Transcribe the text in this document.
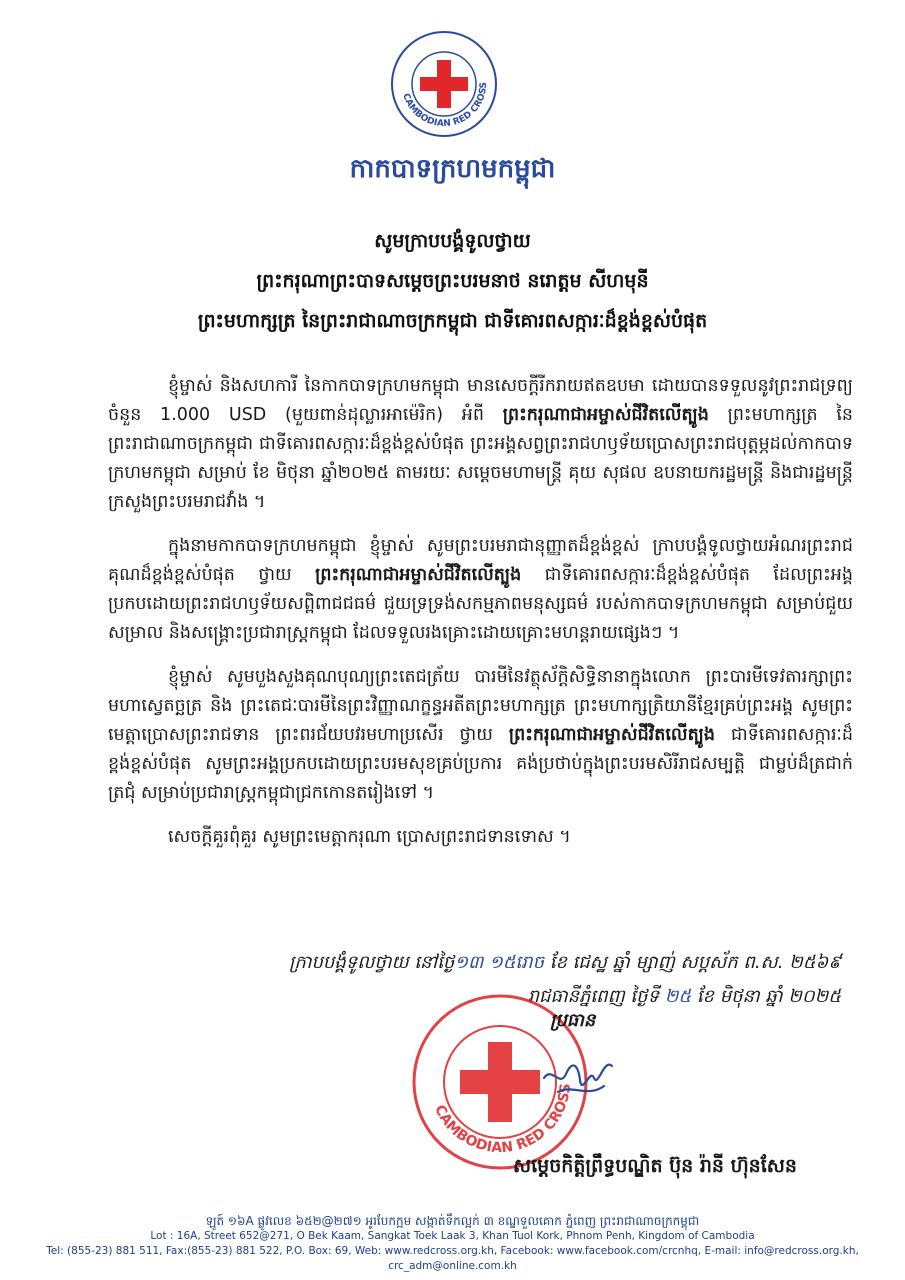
CAMBODIAN RED CROSS
កាកបាទក្រហមកម្ពុជា
សូមក្រាបបង្គំទូលថ្វាយ
ព្រះករុណាព្រះបាទសម្ដេចព្រះបរមនាថ នរោត្តម សីហមុនី
ព្រះមហាក្សត្រ នៃព្រះរាជាណាចក្រកម្ពុជា ជាទីគោរពសក្ការៈដ៏ខ្ពង់ខ្ពស់បំផុត

ខ្ញុំម្ចាស់ និងសហការី នៃកាកបាទក្រហមកម្ពុជា មានសេចក្ដីរីករាយឥតឧបមា ដោយបានទទួលនូវព្រះរាជទ្រព្យ ចំនួន 1.000 USD (មួយពាន់ដុល្លារអាម៉េរិក) អំពី ព្រះករុណាជាអម្ចាស់ជីវិតលើត្បូង ព្រះមហាក្សត្រ នៃព្រះរាជាណាចក្រកម្ពុជា ជាទីគោរពសក្ការៈដ៏ខ្ពង់ខ្ពស់បំផុត ព្រះអង្គសព្វព្រះរាជហឫទ័យប្រោសព្រះរាជបុត្តម្ភដល់កាកបាទក្រហមកម្ពុជា សម្រាប់ ខែ មិថុនា ឆ្នាំ២០២៥ តាមរយៈ សម្ដេចមហាមន្ត្រី គុយ សុផល ឧបនាយករដ្ឋមន្ត្រី និងជារដ្ឋមន្ត្រីក្រសួងព្រះបរមរាជវាំង ។

ក្នុងនាមកាកបាទក្រហមកម្ពុជា ខ្ញុំម្ចាស់ សូមព្រះបរមរាជានុញ្ញាតដ៏ខ្ពង់ខ្ពស់ ក្រាបបង្គំទូលថ្វាយអំណរព្រះរាជគុណដ៏ខ្ពង់ខ្ពស់បំផុត ថ្វាយ ព្រះករុណាជាអម្ចាស់ជីវិតលើត្បូង ជាទីគោរពសក្ការៈដ៏ខ្ពង់ខ្ពស់បំផុត ដែលព្រះអង្គប្រកបដោយព្រះរាជហឫទ័យសព្ពិពាជជធម៌ ជួយទ្រទ្រង់សកម្មភាពមនុស្សធម៌ របស់កាកបាទក្រហមកម្ពុជា សម្រាប់ជួយសម្រាល និងសង្គ្រោះប្រជារាស្ត្រកម្ពុជា ដែលទទួលរងគ្រោះដោយគ្រោះមហន្តរាយផ្សេងៗ ។

ខ្ញុំម្ចាស់ សូមបួងសួងគុណបុណ្យព្រះតេជត្រ័យ បារមីនៃវត្ថុស័ក្ដិសិទ្ធិនានាក្នុងលោក ព្រះបារមីទេវតារក្សាព្រះមហាស្វេតច្ឆត្រ និង ព្រះតេជៈបារមីនៃព្រះវិញ្ញាណក្ខន្ធអតីតព្រះមហាក្សត្រ ព្រះមហាក្សត្រិយានីខ្មែរគ្រប់ព្រះអង្គ សូមព្រះមេត្តាប្រោសព្រះរាជទាន ព្រះពរជ័យបវរមហាប្រសើរ ថ្វាយ ព្រះករុណាជាអម្ចាស់ជីវិតលើត្បូង ជាទីគោរពសក្ការៈដ៏ខ្ពង់ខ្ពស់បំផុត សូមព្រះអង្គប្រកបដោយព្រះបរមសុខគ្រប់ប្រការ គង់ប្រថាប់ក្នុងព្រះបរមសិរីរាជសម្បត្តិ ជាម្លប់ដ៏ត្រជាក់ត្រជុំ សម្រាប់ប្រជារាស្ត្រកម្ពុជាជ្រកកោនតរៀងទៅ ។

សេចក្ដីគួរពុំគួរ សូមព្រះមេត្តាករុណា ប្រោសព្រះរាជទានទោស ។

ក្រាបបង្គំទូលថ្វាយ នៅថ្ងៃ១៣ ១៥រោច ខែ ជេស្ឋ ឆ្នាំ ម្សាញ់ សប្តស័ក ព.ស. ២៥៦៩
រាជធានីភ្នំពេញ ថ្ងៃទី ២៥ ខែ មិថុនា ឆ្នាំ ២០២៥
CAMBODIAN RED CROSS
ប្រធាន
សម្ដេចកិត្តិព្រឹទ្ធបណ្ឌិត ប៊ុន រ៉ានី ហ៊ុនសែន
ឡូត៍ ១៦A ផ្លូវលេខ ៦៥២@២៧១ អូរបែកក្អម សង្កាត់ទឹកល្អក់ ៣ ខណ្ឌទួលគោក ភ្នំពេញ ព្រះរាជាណាចក្រកម្ពុជា
Lot : 16A, Street 652@271, O Bek Kaam, Sangkat Toek Laak 3, Khan Tuol Kork, Phnom Penh, Kingdom of Cambodia
Tel: (855-23) 881 511, Fax:(855-23) 881 522, P.O. Box: 69, Web: www.redcross.org.kh, Facebook: www.facebook.com/crcnhq, E-mail: info@redcross.org.kh, crc_adm@online.com.kh
